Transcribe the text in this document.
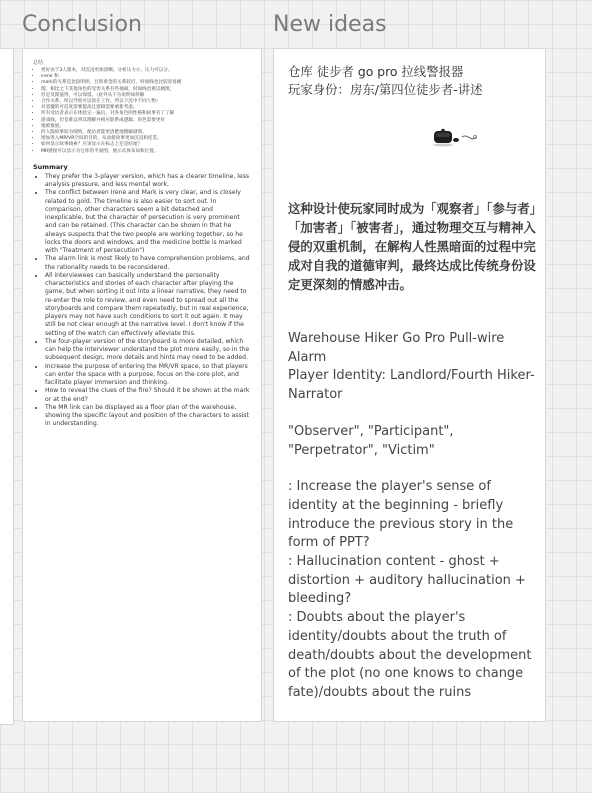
Conclusion	New ideas
总结
• 更好由于3人版本，对沉浸更加清晰。分析压力小。压力可以分。
• irene 和
• mark的关系是比较明朗，且和黄金的关系较近，时间线也比较容易梳
• 理。相比之下其他角色的受害关系有些抽离，时间线也难以梳理，
• 但是反派值得，可以保留。（此外从不为说明如何解
• 合作关系，所以导致可以说在工作，所以下沉中不同人物）
• 对恶魔的可信度需要提高且逻辑需要重新考虑。
• 所有受访者表示在体验完一遍后，对各角色的性格和故事有了了解
• 游戏线，但是难以将其理解并相应联系成逻辑；角色需要更好
• 地被推展。
• 四人版故事较为细致，使访者能更清楚地理解剧情。
• 增加进入MR/VR空间的目的，从而使故事更加沉浸和连贯。
• 如何显示故事线索？应该显示在标志上还是结尾？
• MR链接可以显示为仓库的平面图，展示具体布局和位置。
Summary
• They prefer the 3-player version, which has a clearer timeline, less analysis pressure, and less mental work.
• The conflict between Irene and Mark is very clear, and is closely related to gold. The timeline is also easier to sort out. In comparison, other characters seem a bit detached and inexplicable, but the character of persecution is very prominent and can be retained. (This character can be shown in that he always suspects that the two people are working together, so he locks the doors and windows, and the medicine bottle is marked with "Treatment of persecution")
• The alarm link is most likely to have comprehension problems, and the rationality needs to be reconsidered.
• All interviewees can basically understand the personality characteristics and stories of each character after playing the game, but when sorting it out into a linear narrative, they need to re-enter the role to review, and even need to spread out all the storyboards and compare them repeatedly, but in real experience, players may not have such conditions to sort it out again. It may still be not clear enough at the narrative level. I don't know if the setting of the watch can effectively alleviate this.
• The four-player version of the storyboard is more detailed, which can help the interviewer understand the plot more easily, so in the subsequent design, more details and hints may need to be added.
• Increase the purpose of entering the MR/VR space, so that players can enter the space with a purpose, focus on the core plot, and facilitate player immersion and thinking.
• How to reveal the clues of the fire? Should it be shown at the mark or at the end?
• The MR link can be displayed as a floor plan of the warehouse, showing the specific layout and position of the characters to assist in understanding.

仓库 徒步者 go pro 拉线警报器

玩家身份：房东/第四位徒步者-讲述

这种设计使玩家同时成为「观察者」「参与者」「加害者」「被害者」，通过物理交互与精神入侵的双重机制，在解构人性黑暗面的过程中完成对自我的道德审判，最终达成比传统身份设定更深刻的情感冲击。

Warehouse Hiker Go Pro Pull-wire Alarm

Player Identity: Landlord/Fourth Hiker-Narrator

"Observer", "Participant", "Perpetrator", "Victim"

: Increase the player's sense of identity at the beginning - briefly introduce the previous story in the form of PPT?

: Hallucination content - ghost + distortion + auditory hallucination + bleeding?

: Doubts about the player's identity/doubts about the truth of death/doubts about the development of the plot (no one knows to change fate)/doubts about the ruins
